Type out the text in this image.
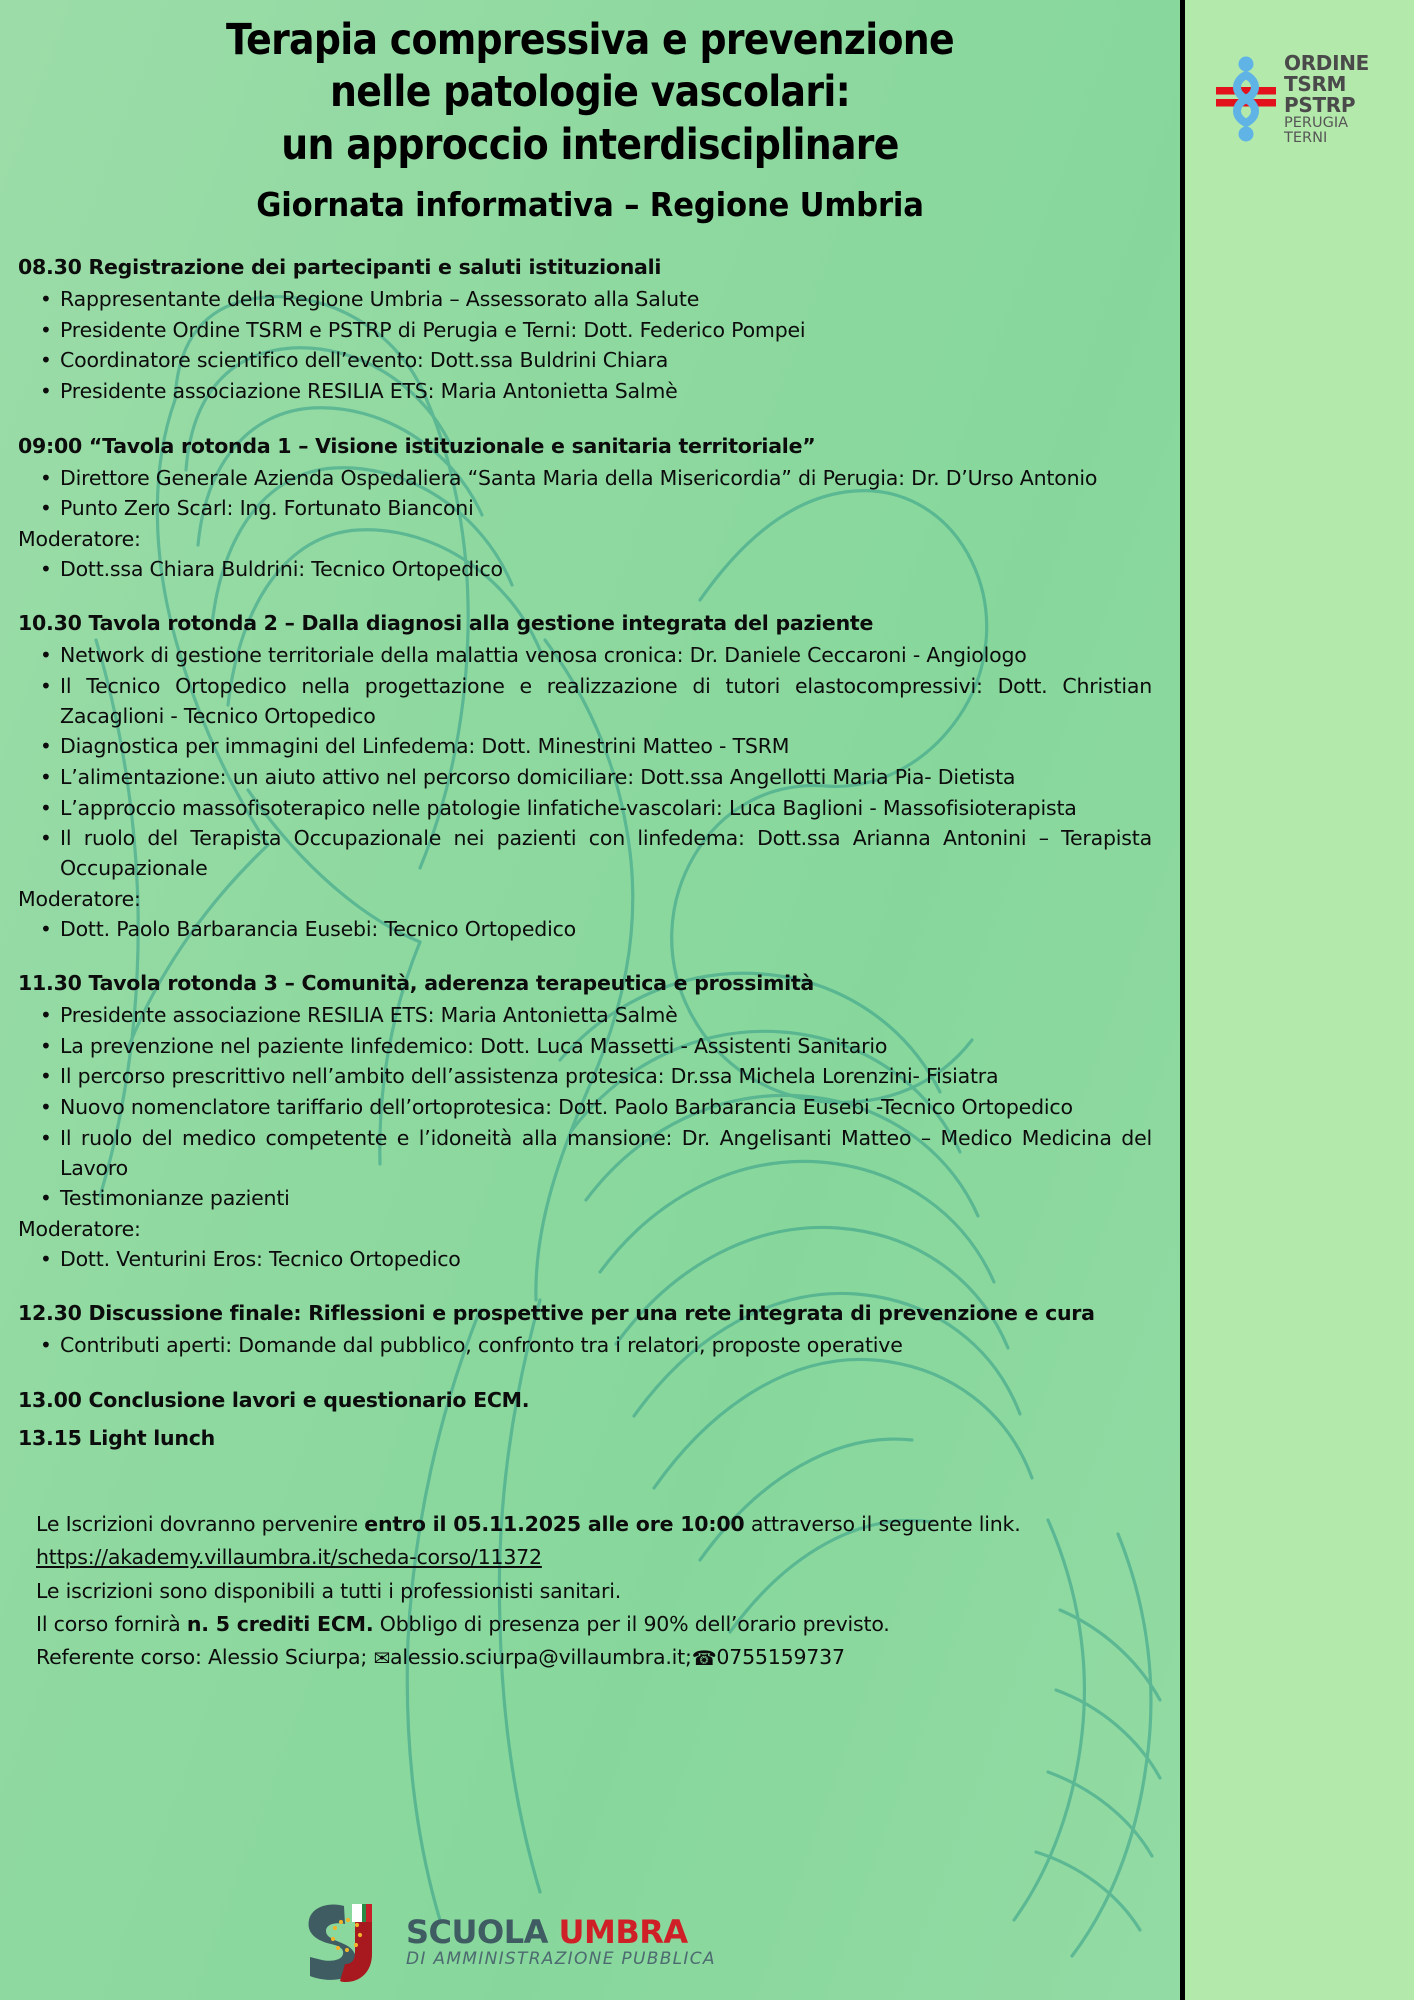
Terapia compressiva e prevenzione
nelle patologie vascolari:
un approccio interdisciplinare
Giornata informativa – Regione Umbria
08.30 Registrazione dei partecipanti e saluti istituzionali
• Rappresentante della Regione Umbria – Assessorato alla Salute
• Presidente Ordine TSRM e PSTRP di Perugia e Terni: Dott. Federico Pompei
• Coordinatore scientifico dell’evento: Dott.ssa Buldrini Chiara
• Presidente associazione RESILIA ETS: Maria Antonietta Salmè
09:00 “Tavola rotonda 1 – Visione istituzionale e sanitaria territoriale”
• Direttore Generale Azienda Ospedaliera “Santa Maria della Misericordia” di Perugia: Dr. D’Urso Antonio
• Punto Zero Scarl: Ing. Fortunato Bianconi
Moderatore:
• Dott.ssa Chiara Buldrini: Tecnico Ortopedico
10.30 Tavola rotonda 2 – Dalla diagnosi alla gestione integrata del paziente
• Network di gestione territoriale della malattia venosa cronica: Dr. Daniele Ceccaroni - Angiologo
• Il Tecnico Ortopedico nella progettazione e realizzazione di tutori elastocompressivi: Dott. Christian Zacaglioni - Tecnico Ortopedico
• Diagnostica per immagini del Linfedema: Dott. Minestrini Matteo - TSRM
• L’alimentazione: un aiuto attivo nel percorso domiciliare: Dott.ssa Angellotti Maria Pia- Dietista
• L’approccio massofisoterapico nelle patologie linfatiche-vascolari: Luca Baglioni - Massofisioterapista
• Il ruolo del Terapista Occupazionale nei pazienti con linfedema: Dott.ssa Arianna Antonini – Terapista Occupazionale
Moderatore:
• Dott. Paolo Barbarancia Eusebi: Tecnico Ortopedico
11.30 Tavola rotonda 3 – Comunità, aderenza terapeutica e prossimità
• Presidente associazione RESILIA ETS: Maria Antonietta Salmè
• La prevenzione nel paziente linfedemico: Dott. Luca Massetti - Assistenti Sanitario
• Il percorso prescrittivo nell’ambito dell’assistenza protesica: Dr.ssa Michela Lorenzini- Fisiatra
• Nuovo nomenclatore tariffario dell’ortoprotesica: Dott. Paolo Barbarancia Eusebi -Tecnico Ortopedico
• Il ruolo del medico competente e l’idoneità alla mansione: Dr. Angelisanti Matteo – Medico Medicina del Lavoro
• Testimonianze pazienti
Moderatore:
• Dott. Venturini Eros: Tecnico Ortopedico
12.30 Discussione finale: Riflessioni e prospettive per una rete integrata di prevenzione e cura
• Contributi aperti: Domande dal pubblico, confronto tra i relatori, proposte operative
13.00 Conclusione lavori e questionario ECM.
13.15 Light lunch
Le Iscrizioni dovranno pervenire entro il 05.11.2025 alle ore 10:00 attraverso il seguente link.
https://akademy.villaumbra.it/scheda-corso/11372
Le iscrizioni sono disponibili a tutti i professionisti sanitari.
Il corso fornirà n. 5 crediti ECM. Obbligo di presenza per il 90% dell’orario previsto.
Referente corso: Alessio Sciurpa; ✉alessio.sciurpa@villaumbra.it;☎0755159737
SCUOLA UMBRA
DI AMMINISTRAZIONE PUBBLICA
ORDINE
TSRM
PSTRP
PERUGIA
TERNI
